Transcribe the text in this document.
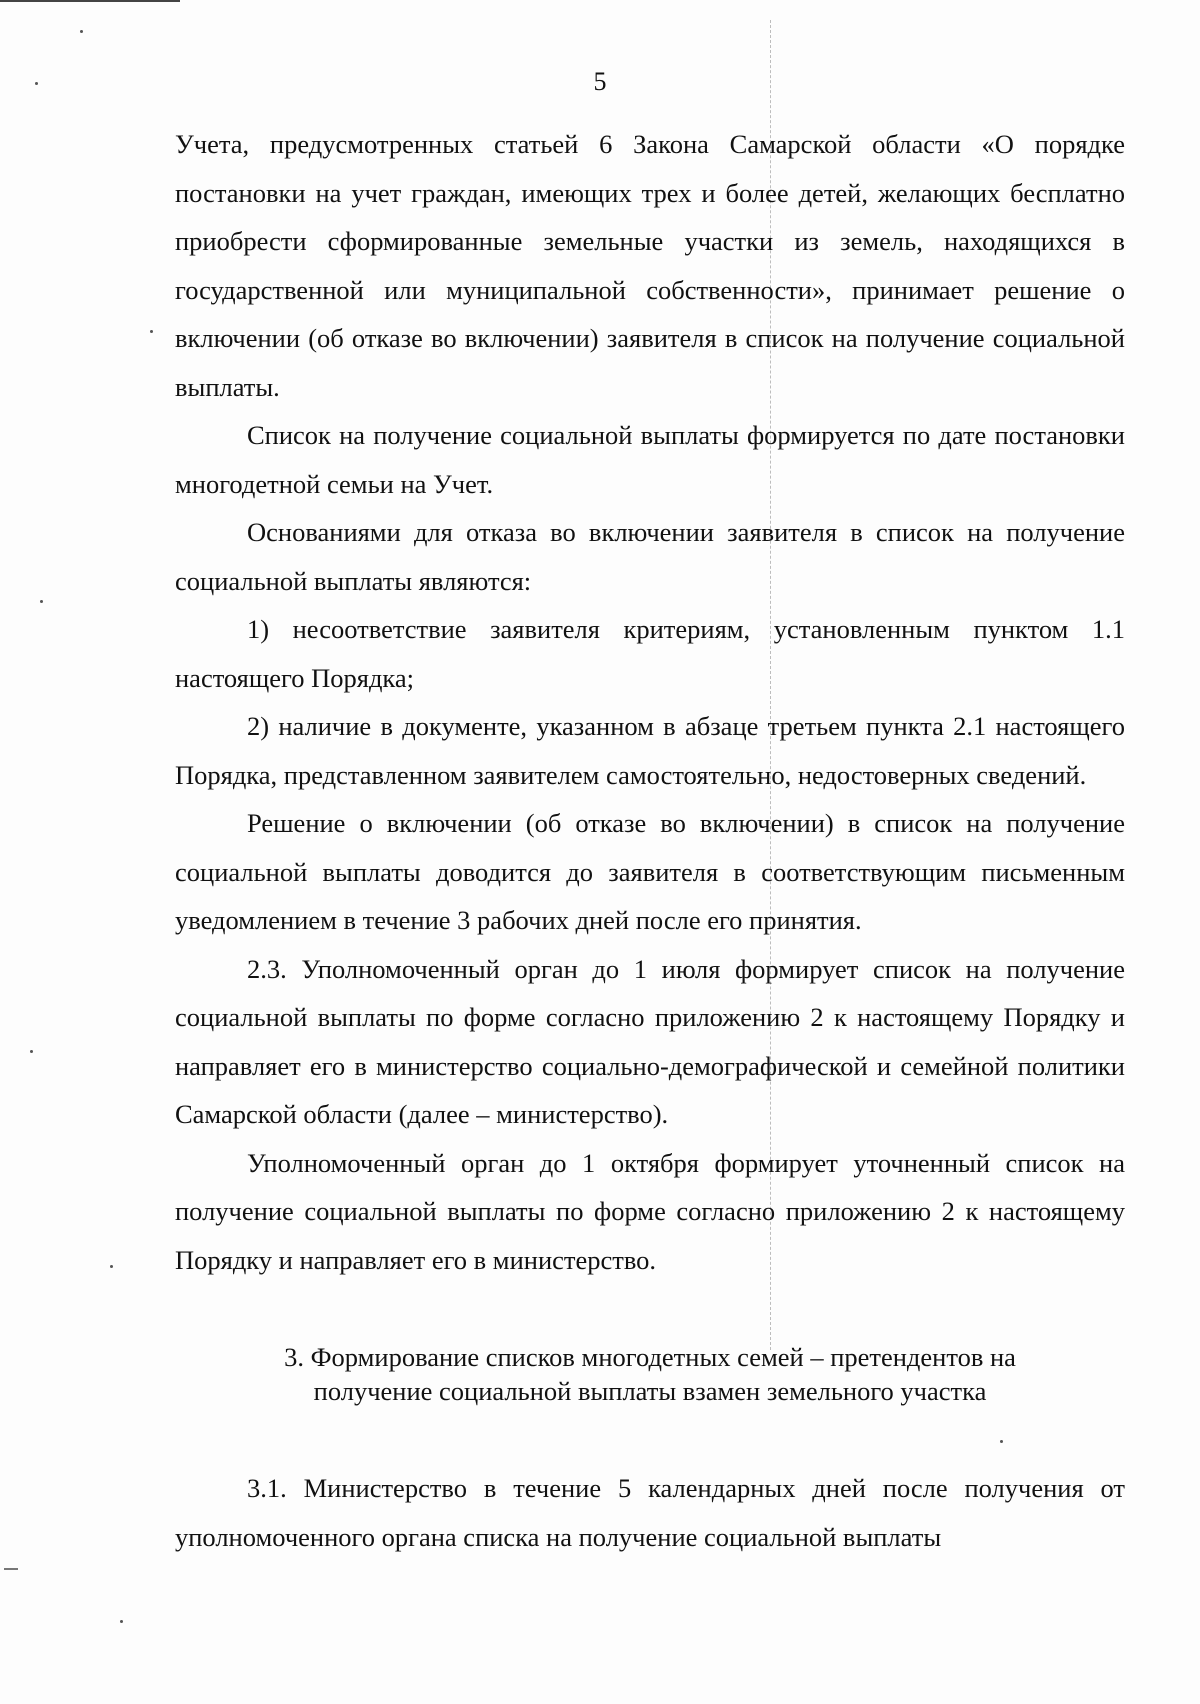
5

Учета, предусмотренных статьей 6 Закона Самарской области «О порядке постановки на учет граждан, имеющих трех и более детей, желающих бесплатно приобрести сформированные земельные участки из земель, находящихся в государственной или муниципальной собственности», принимает решение о включении (об отказе во включении) заявителя в список на получение социальной выплаты.

Список на получение социальной выплаты формируется по дате постановки многодетной семьи на Учет.

Основаниями для отказа во включении заявителя в список на получение социальной выплаты являются:

1) несоответствие заявителя критериям, установленным пунктом 1.1 настоящего Порядка;

2) наличие в документе, указанном в абзаце третьем пункта 2.1 настоящего Порядка, представленном заявителем самостоятельно, недостоверных сведений.

Решение о включении (об отказе во включении) в список на получение социальной выплаты доводится до заявителя в соответствующим письменным уведомлением в течение 3 рабочих дней после его принятия.

2.3. Уполномоченный орган до 1 июля формирует список на получение социальной выплаты по форме согласно приложению 2 к настоящему Порядку и направляет его в министерство социально-демографической и семейной политики Самарской области (далее – министерство).

Уполномоченный орган до 1 октября формирует уточненный список на получение социальной выплаты по форме согласно приложению 2 к настоящему Порядку и направляет его в министерство.

3. Формирование списков многодетных семей – претендентов на
получение социальной выплаты взамен земельного участка

3.1. Министерство в течение 5 календарных дней после получения от уполномоченного органа списка на получение социальной выплаты
